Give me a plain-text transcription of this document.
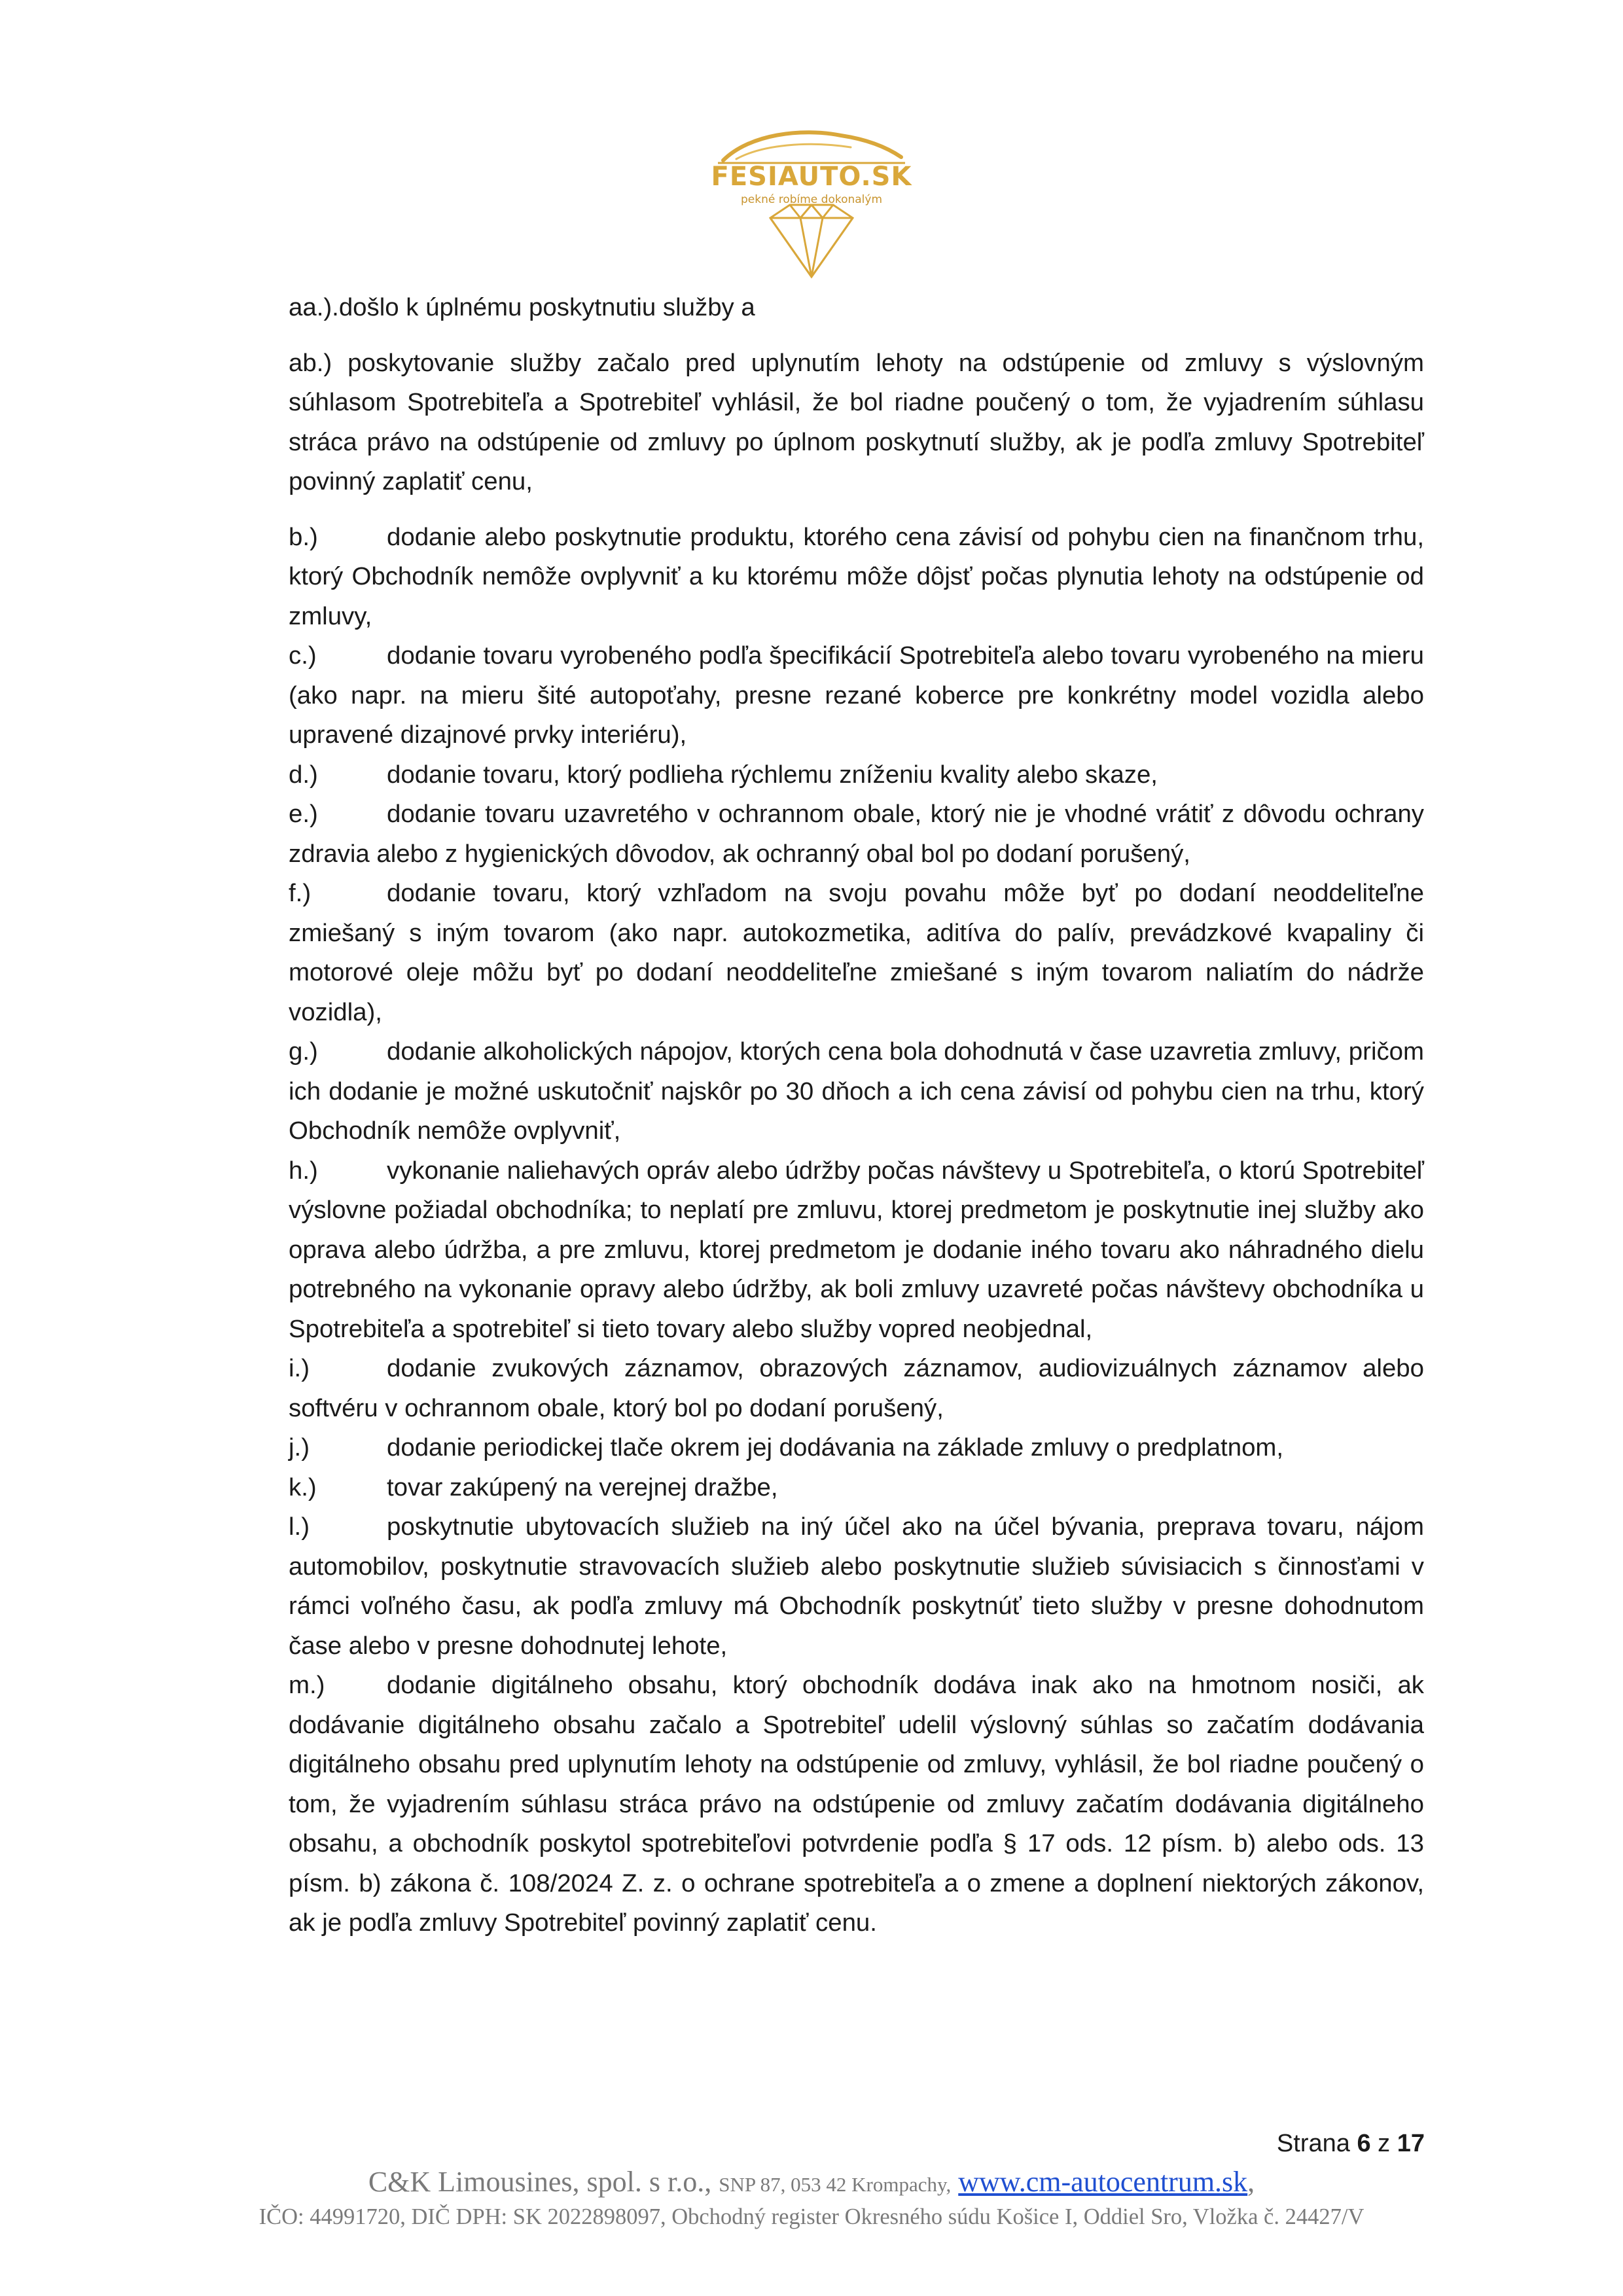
FESIAUTO.SK
pekné robíme dokonalým

aa.).došlo k úplnému poskytnutiu služby a

ab.) poskytovanie služby začalo pred uplynutím lehoty na odstúpenie od zmluvy s výslovným súhlasom Spotrebiteľa a Spotrebiteľ vyhlásil, že bol riadne poučený o tom, že vyjadrením súhlasu stráca právo na odstúpenie od zmluvy po úplnom poskytnutí služby, ak je podľa zmluvy Spotrebiteľ povinný zaplatiť cenu,

b.)	dodanie alebo poskytnutie produktu, ktorého cena závisí od pohybu cien na finančnom trhu, ktorý Obchodník nemôže ovplyvniť a ku ktorému môže dôjsť počas plynutia lehoty na odstúpenie od zmluvy,

c.)	dodanie tovaru vyrobeného podľa špecifikácií Spotrebiteľa alebo tovaru vyrobeného na mieru (ako napr. na mieru šité autopoťahy, presne rezané koberce pre konkrétny model vozidla alebo upravené dizajnové prvky interiéru),

d.)	dodanie tovaru, ktorý podlieha rýchlemu zníženiu kvality alebo skaze,

e.)	dodanie tovaru uzavretého v ochrannom obale, ktorý nie je vhodné vrátiť z dôvodu ochrany zdravia alebo z hygienických dôvodov, ak ochranný obal bol po dodaní porušený,

f.)	dodanie tovaru, ktorý vzhľadom na svoju povahu môže byť po dodaní neoddeliteľne zmiešaný s iným tovarom (ako napr. autokozmetika, aditíva do palív, prevádzkové kvapaliny či motorové oleje môžu byť po dodaní neoddeliteľne zmiešané s iným tovarom naliatím do nádrže vozidla),

g.)	dodanie alkoholických nápojov, ktorých cena bola dohodnutá v čase uzavretia zmluvy, pričom ich dodanie je možné uskutočniť najskôr po 30 dňoch a ich cena závisí od pohybu cien na trhu, ktorý Obchodník nemôže ovplyvniť,

h.)	vykonanie naliehavých opráv alebo údržby počas návštevy u Spotrebiteľa, o ktorú Spotrebiteľ výslovne požiadal obchodníka; to neplatí pre zmluvu, ktorej predmetom je poskytnutie inej služby ako oprava alebo údržba, a pre zmluvu, ktorej predmetom je dodanie iného tovaru ako náhradného dielu potrebného na vykonanie opravy alebo údržby, ak boli zmluvy uzavreté počas návštevy obchodníka u Spotrebiteľa a spotrebiteľ si tieto tovary alebo služby vopred neobjednal,

i.)	dodanie zvukových záznamov, obrazových záznamov, audiovizuálnych záznamov alebo softvéru v ochrannom obale, ktorý bol po dodaní porušený,

j.)	dodanie periodickej tlače okrem jej dodávania na základe zmluvy o predplatnom,

k.)	tovar zakúpený na verejnej dražbe,

l.)	poskytnutie ubytovacích služieb na iný účel ako na účel bývania, preprava tovaru, nájom automobilov, poskytnutie stravovacích služieb alebo poskytnutie služieb súvisiacich s činnosťami v rámci voľného času, ak podľa zmluvy má Obchodník poskytnúť tieto služby v presne dohodnutom čase alebo v presne dohodnutej lehote,

m.) dodanie digitálneho obsahu, ktorý obchodník dodáva inak ako na hmotnom nosiči, ak dodávanie digitálneho obsahu začalo a Spotrebiteľ udelil výslovný súhlas so začatím dodávania digitálneho obsahu pred uplynutím lehoty na odstúpenie od zmluvy, vyhlásil, že bol riadne poučený o tom, že vyjadrením súhlasu stráca právo na odstúpenie od zmluvy začatím dodávania digitálneho obsahu, a obchodník poskytol spotrebiteľovi potvrdenie podľa § 17 ods. 12 písm. b) alebo ods. 13 písm. b) zákona č. 108/2024 Z. z. o ochrane spotrebiteľa a o zmene a doplnení niektorých zákonov, ak je podľa zmluvy Spotrebiteľ povinný zaplatiť cenu.

Strana 6 z 17
C&K Limousines, spol. s r.o., SNP 87, 053 42 Krompachy, www.cm-autocentrum.sk,
IČO: 44991720, DIČ DPH: SK 2022898097, Obchodný register Okresného súdu Košice I, Oddiel Sro, Vložka č. 24427/V
